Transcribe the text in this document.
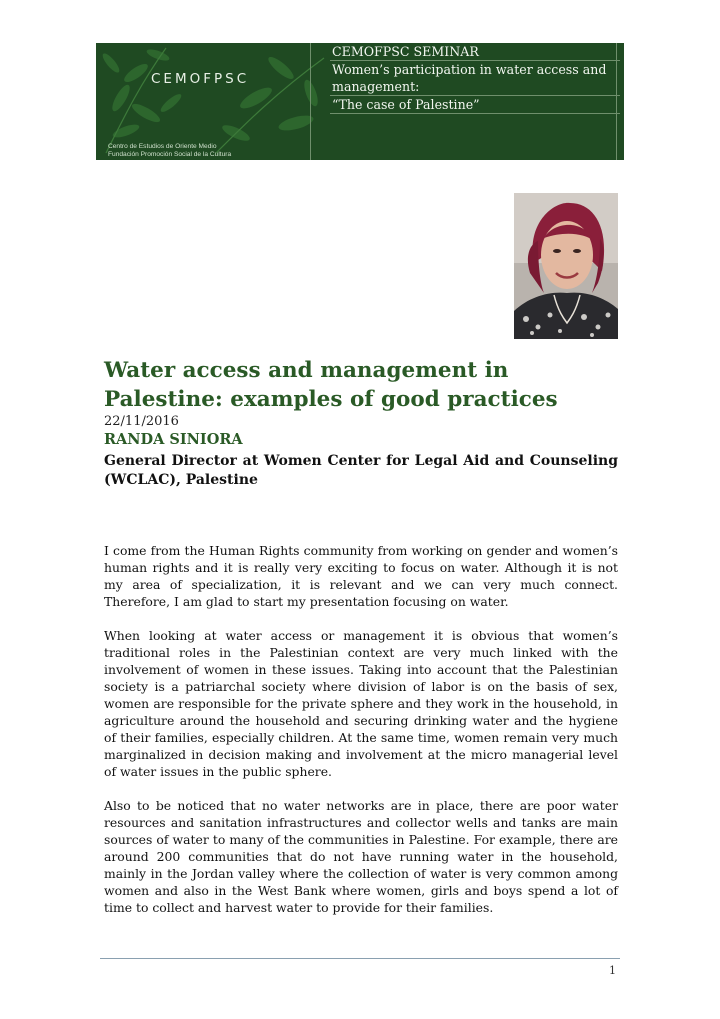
CEMOFPSC
Centro de Estudios de Oriente Medio
Fundación Promoción Social de la Cultura
CEMOFPSC SEMINAR
Women’s participation in water access and
management:
“The case of Palestine”
Water access and management in Palestine: examples of good practices
22/11/2016
RANDA SINIORA

General Director at Women Center for Legal Aid and Counseling (WCLAC), Palestine

I come from the Human Rights community from working on gender and women’s human rights and it is really very exciting to focus on water. Although it is not my area of specialization, it is relevant and we can very much connect. Therefore, I am glad to start my presentation focusing on water.

When looking at water access or management it is obvious that women’s traditional roles in the Palestinian context are very much linked with the involvement of women in these issues. Taking into account that the Palestinian society is a patriarchal society where division of labor is on the basis of sex, women are responsible for the private sphere and they work in the household, in agriculture around the household and securing drinking water and the hygiene of their families, especially children. At the same time, women remain very much marginalized in decision making and involvement at the micro managerial level of water issues in the public sphere.

Also to be noticed that no water networks are in place, there are poor water resources and sanitation infrastructures and collector wells and tanks are main sources of water to many of the communities in Palestine. For example, there are around 200 communities that do not have running water in the household, mainly in the Jordan valley where the collection of water is very common among women and also in the West Bank where women, girls and boys spend a lot of time to collect and harvest water to provide for their families.

1
